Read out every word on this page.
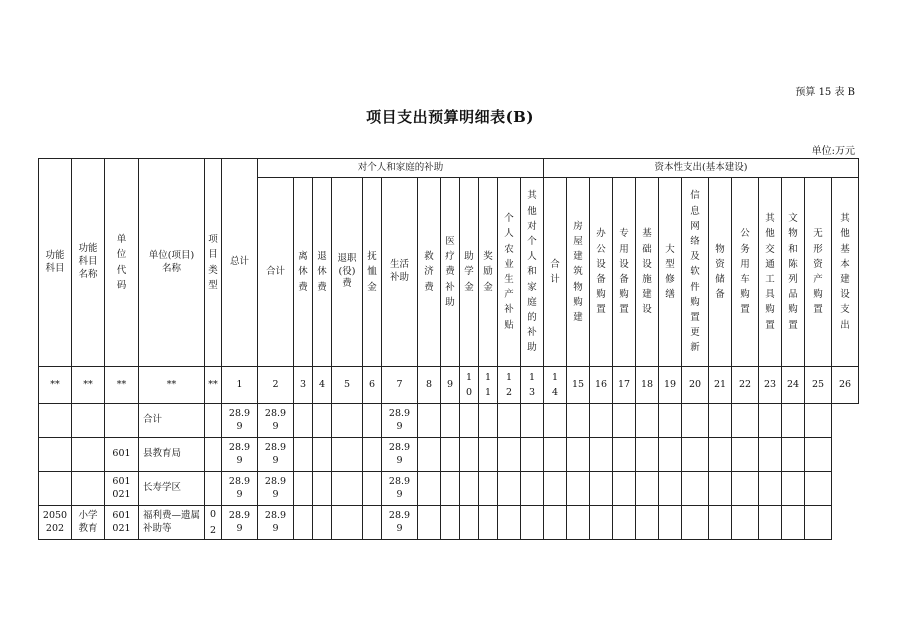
预算 15 表 B
项目支出预算明细表(B)
单位:万元
功能科目	功能科目名称	单位代码	单位(项目)名称	项目类型	总计	对个人和家庭的补助												资本性支出(基本建设)												
						合计	离休费	退休费	退职(役)费	抚恤金	生活补助	救济费	医疗费补助	助学金	奖励金	个人农业生产补贴	其他对个人和家庭的补助	合计	房屋建筑物购建	办公设备购置	专用设备购置	基础设施建设	大型修缮	信息网络及软件购置更新	物资储备	公务用车购置	其他交通工具购置	文物和陈列品购置	无形资产购置	其他基本建设支出
**	**	**	**	**	1	2	3	4	5	6	7	8	9	10	11	12	13	14	15	16	17	18	19	20	21	22	23	24	25	26
			合计		28.99	28.99					28.99																			
		601	县教育局		28.99	28.99					28.99																			
		601021	长寿学区		28.99	28.99					28.99																			
2050202	小学教育	601021	福利费—遗属补助等	02	28.99	28.99					28.99																			
